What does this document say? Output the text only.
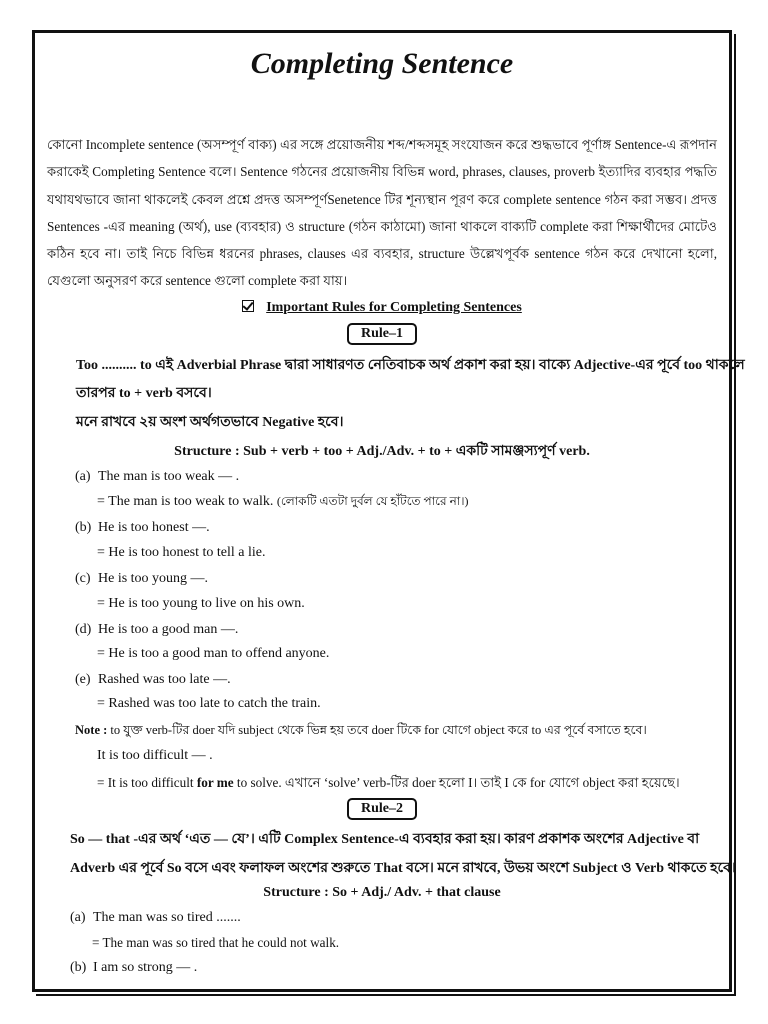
Completing Sentence

কোনো Incomplete sentence (অসম্পূর্ণ বাক্য) এর সঙ্গে প্রয়োজনীয় শব্দ/শব্দসমূহ সংযোজন করে শুদ্ধভাবে পূর্ণাঙ্গ Sentence-এ রূপদান করাকেই Completing Sentence বলে। Sentence গঠনের প্রয়োজনীয় বিভিন্ন word, phrases, clauses, proverb ইত্যাদির ব্যবহার পদ্ধতি যথাযথভাবে জানা থাকলেই কেবল প্রশ্নে প্রদত্ত অসম্পূর্ণSenetence টির শূন্যস্থান পূরণ করে complete sentence গঠন করা সম্ভব। প্রদত্ত Sentences -এর meaning (অর্থ), use (ব্যবহার) ও structure (গঠন কাঠামো) জানা থাকলে বাক্যটি complete করা শিক্ষার্থীদের মোটেও কঠিন হবে না। তাই নিচে বিভিন্ন ধরনের phrases, clauses এর ব্যবহার, structure উল্লেখপূর্বক sentence গঠন করে দেখানো হলো, যেগুলো অনুসরণ করে sentence গুলো complete করা যায়।

Important Rules for Completing Sentences
Rule–1
Too .......... to এই Adverbial Phrase দ্বারা সাধারণত নেতিবাচক অর্থ প্রকাশ করা হয়। বাক্যে Adjective-এর পূর্বে too থাকলে
তারপর to + verb বসবে।
মনে রাখবে ২য় অংশ অর্থগতভাবে Negative হবে।
Structure : Sub + verb + too + Adj./Adv. + to + একটি সামঞ্জস্যপূর্ণ verb.
(a) The man is too weak — .
= The man is too weak to walk. (লোকটি এতটা দুর্বল যে হাঁটতে পারে না।)
(b) He is too honest —.
= He is too honest to tell a lie.
(c) He is too young —.
= He is too young to live on his own.
(d) He is too a good man —.
= He is too a good man to offend anyone.
(e) Rashed was too late —.
= Rashed was too late to catch the train.
Note : to যুক্ত verb-টির doer যদি subject থেকে ভিন্ন হয় তবে doer টিকে for যোগে object করে to এর পূর্বে বসাতে হবে।
It is too difficult — .
= It is too difficult for me to solve. এখানে ‘solve’ verb-টির doer হলো I। তাই I কে for যোগে object করা হয়েছে।
Rule–2
So — that -এর অর্থ ‘এত — যে’। এটি Complex Sentence-এ ব্যবহার করা হয়। কারণ প্রকাশক অংশের Adjective বা
Adverb এর পূর্বে So বসে এবং ফলাফল অংশের শুরুতে That বসে। মনে রাখবে, উভয় অংশে Subject ও Verb থাকতে হবে।
Structure : So + Adj./ Adv. + that clause
(a) The man was so tired .......
= The man was so tired that he could not walk.
(b) I am so strong — .
